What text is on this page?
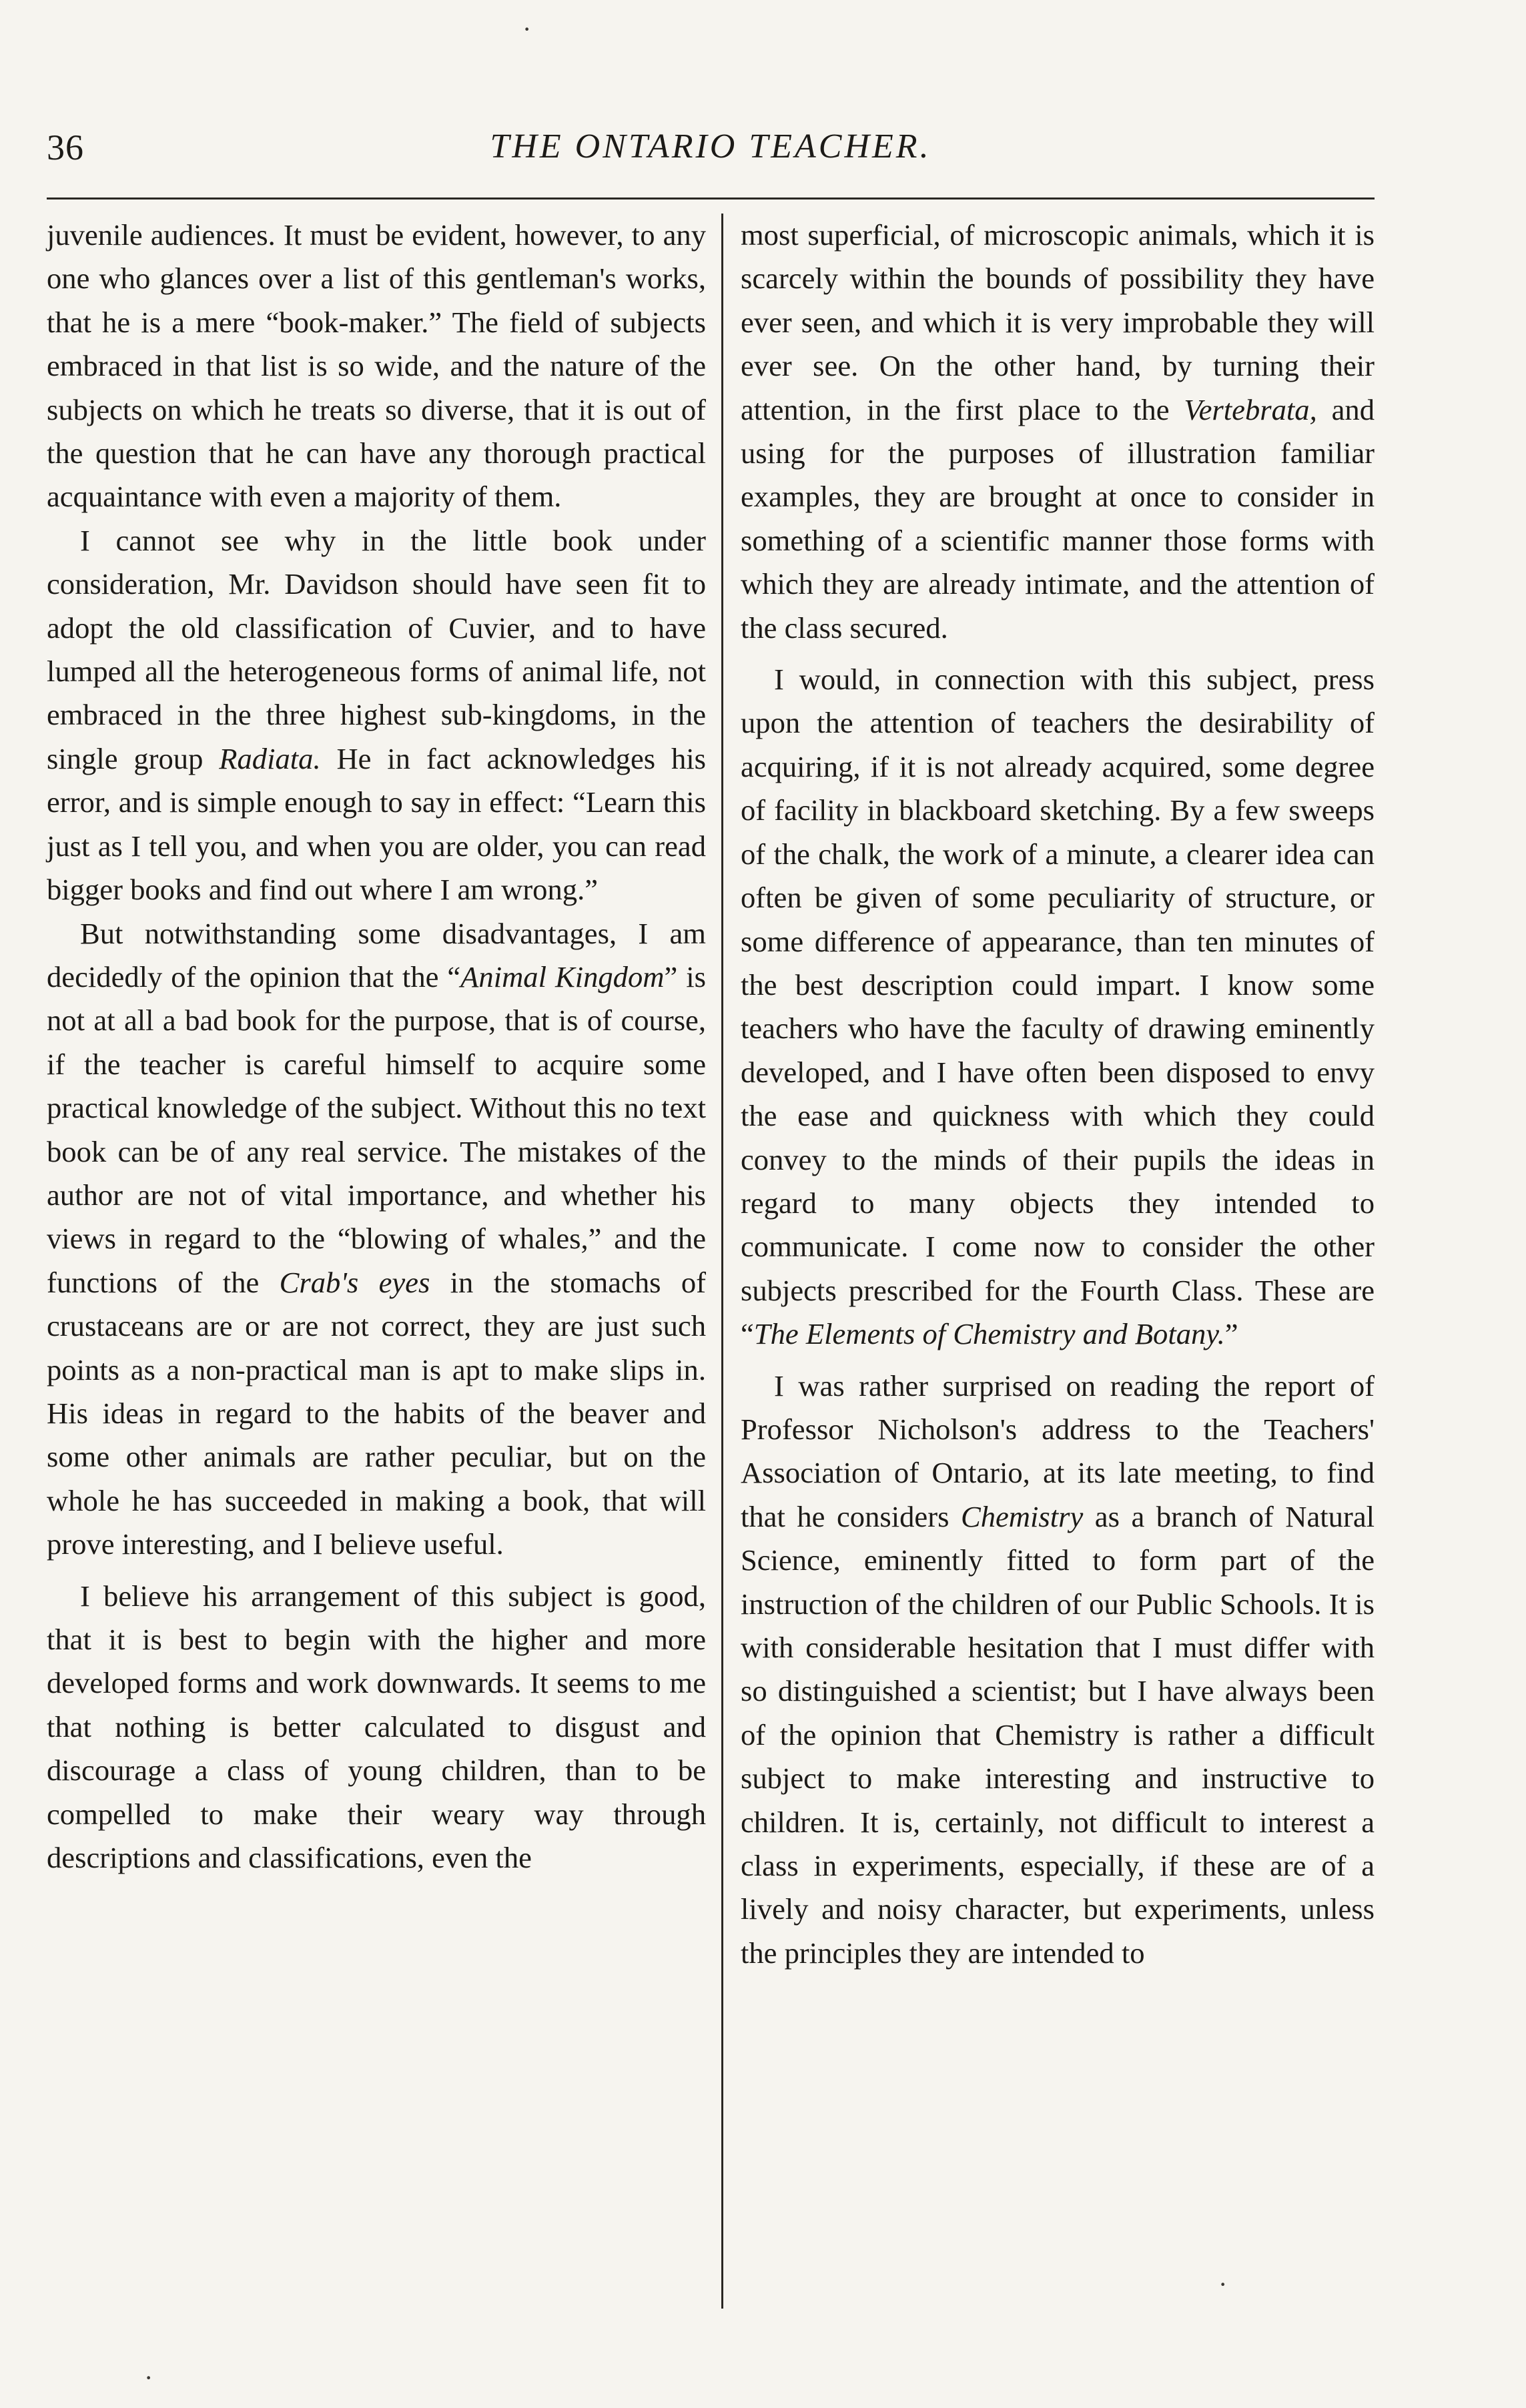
36	THE ONTARIO TEACHER.

juvenile audiences. It must be evident, however, to any one who glances over a list of this gentleman's works, that he is a mere “book-maker.” The field of subjects embraced in that list is so wide, and the nature of the subjects on which he treats so diverse, that it is out of the question that he can have any thorough practical acquaintance with even a majority of them.

I cannot see why in the little book under consideration, Mr. Davidson should have seen fit to adopt the old classification of Cuvier, and to have lumped all the heterogeneous forms of animal life, not embraced in the three highest sub-kingdoms, in the single group Radiata. He in fact acknowledges his error, and is simple enough to say in effect: “Learn this just as I tell you, and when you are older, you can read bigger books and find out where I am wrong.”

But notwithstanding some disadvantages, I am decidedly of the opinion that the “Animal Kingdom” is not at all a bad book for the purpose, that is of course, if the teacher is careful himself to acquire some practical knowledge of the subject. Without this no text book can be of any real service. The mistakes of the author are not of vital importance, and whether his views in regard to the “blowing of whales,” and the functions of the Crab's eyes in the stomachs of crustaceans are or are not correct, they are just such points as a non-practical man is apt to make slips in. His ideas in regard to the habits of the beaver and some other animals are rather peculiar, but on the whole he has succeeded in making a book, that will prove interesting, and I believe useful.

I believe his arrangement of this subject is good, that it is best to begin with the higher and more developed forms and work downwards. It seems to me that nothing is better calculated to disgust and discourage a class of young children, than to be compelled to make their weary way through descriptions and classifications, even the

most superficial, of microscopic animals, which it is scarcely within the bounds of possibility they have ever seen, and which it is very improbable they will ever see. On the other hand, by turning their attention, in the first place to the Vertebrata, and using for the purposes of illustration familiar examples, they are brought at once to consider in something of a scientific manner those forms with which they are already intimate, and the attention of the class secured.

I would, in connection with this subject, press upon the attention of teachers the desirability of acquiring, if it is not already acquired, some degree of facility in blackboard sketching. By a few sweeps of the chalk, the work of a minute, a clearer idea can often be given of some peculiarity of structure, or some difference of appearance, than ten minutes of the best description could impart. I know some teachers who have the faculty of drawing eminently developed, and I have often been disposed to envy the ease and quickness with which they could convey to the minds of their pupils the ideas in regard to many objects they intended to communicate. I come now to consider the other subjects prescribed for the Fourth Class. These are “The Elements of Chemistry and Botany.”

I was rather surprised on reading the report of Professor Nicholson's address to the Teachers' Association of Ontario, at its late meeting, to find that he considers Chemistry as a branch of Natural Science, eminently fitted to form part of the instruction of the children of our Public Schools. It is with considerable hesitation that I must differ with so distinguished a scientist; but I have always been of the opinion that Chemistry is rather a difficult subject to make interesting and instructive to children. It is, certainly, not difficult to interest a class in experiments, especially, if these are of a lively and noisy character, but experiments, unless the principles they are intended to

·
·
·
